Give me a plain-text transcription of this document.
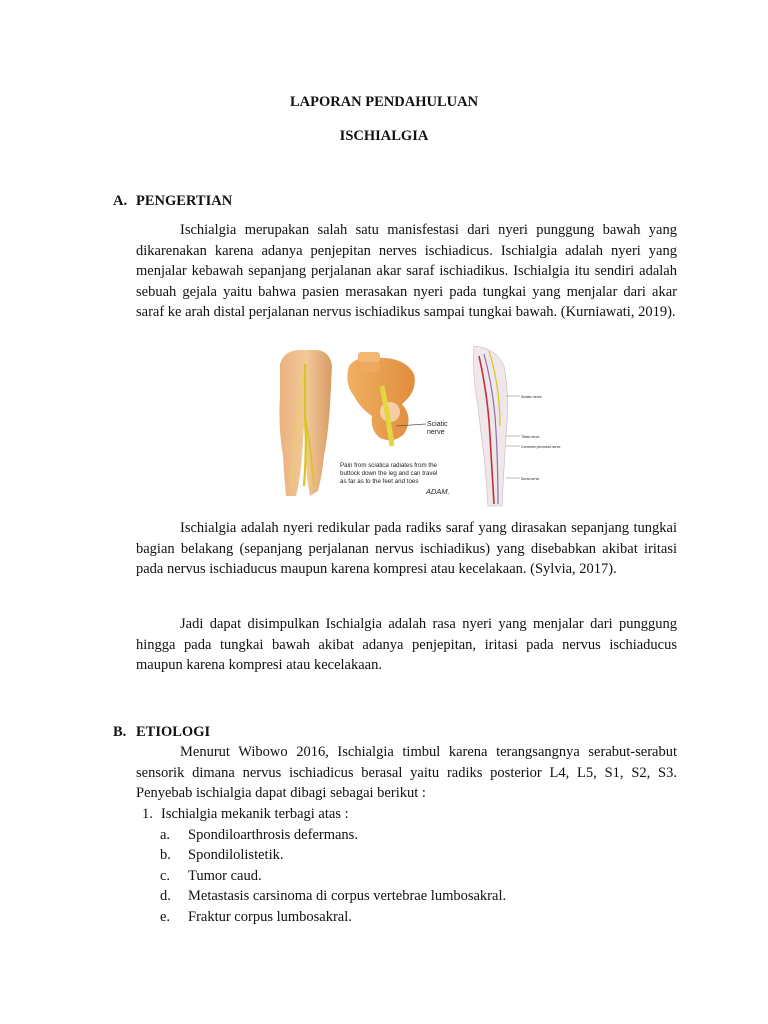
LAPORAN PENDAHULUAN
ISCHIALGIA
A. PENGERTIAN

Ischialgia merupakan salah satu manisfestasi dari nyeri punggung bawah yang dikarenakan karena adanya penjepitan nerves ischiadicus. Ischialgia adalah nyeri yang menjalar kebawah sepanjang perjalanan akar saraf ischiadikus. Ischialgia itu sendiri adalah sebuah gejala yaitu bahwa pasien merasakan nyeri pada tungkai yang menjalar dari akar saraf ke arah distal perjalanan nervus ischiadikus sampai tungkai bawah. (Kurniawati, 2019).

Sciatic
nerve
Pain from sciatica radiates from the
buttock down the leg and can travel
as far as to the feet and toes
ADAM.
Sciatic nerve
Tibial nerve
Common peroneal nerve
Sural nerve

Ischialgia adalah nyeri redikular pada radiks saraf yang dirasakan sepanjang tungkai bagian belakang (sepanjang perjalanan nervus ischiadikus) yang disebabkan akibat iritasi pada nervus ischiaducus maupun karena kompresi atau kecelakaan. (Sylvia, 2017).

Jadi dapat disimpulkan Ischialgia adalah rasa nyeri yang menjalar dari punggung hingga pada tungkai bawah akibat adanya penjepitan, iritasi pada nervus ischiaducus maupun karena kompresi atau kecelakaan.

B. ETIOLOGI

Menurut Wibowo 2016, Ischialgia timbul karena terangsangnya serabut-serabut sensorik dimana nervus ischiadicus berasal yaitu radiks posterior L4, L5, S1, S2, S3. Penyebab ischialgia dapat dibagi sebagai berikut :

1. Ischialgia mekanik terbagi atas :
a. Spondiloarthrosis defermans.
b. Spondilolistetik.
c. Tumor caud.
d. Metastasis carsinoma di corpus vertebrae lumbosakral.
e. Fraktur corpus lumbosakral.
